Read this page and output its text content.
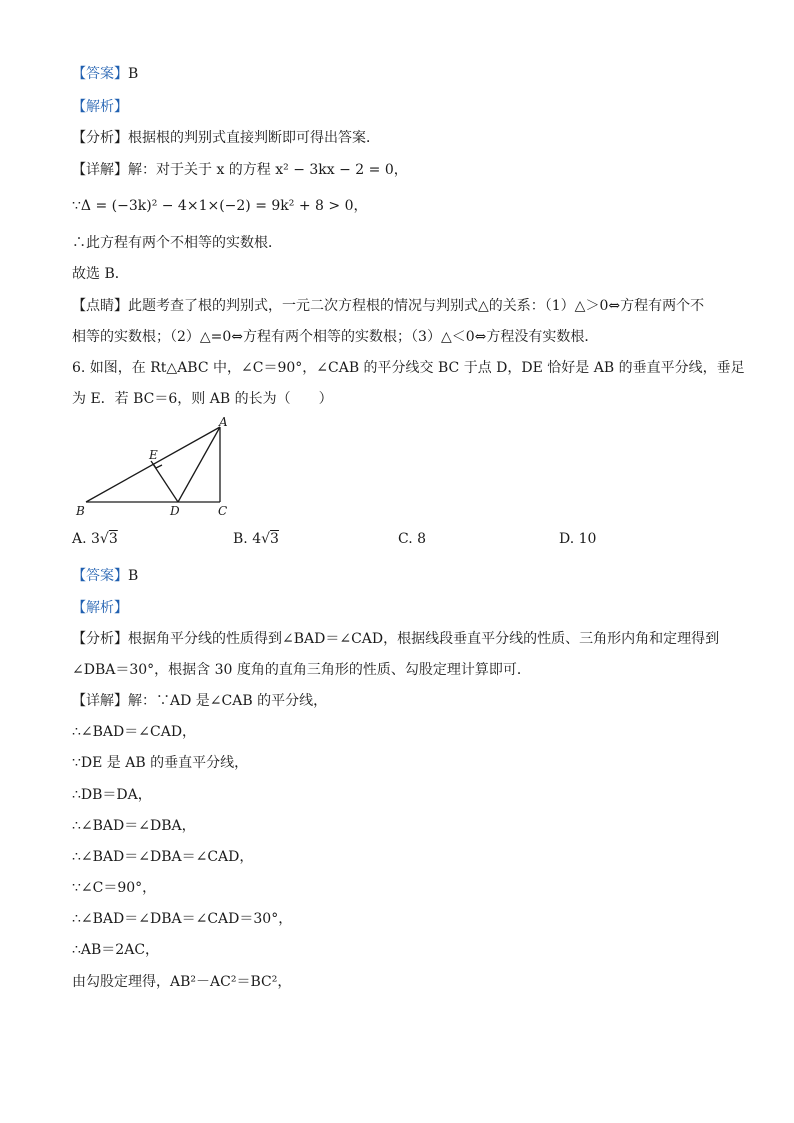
【答案】B
【解析】
【分析】根据根的判别式直接判断即可得出答案．
【详解】解：对于关于 x 的方程 x² − 3kx − 2 = 0，
∵Δ = (−3k)² − 4×1×(−2) = 9k² + 8 > 0，
∴此方程有两个不相等的实数根．
故选 B．
【点睛】此题考查了根的判别式，一元二次方程根的情况与判别式△的关系：（1）△＞0⇔方程有两个不
相等的实数根；（2）△=0⇔方程有两个相等的实数根；（3）△＜0⇔方程没有实数根．
6. 如图，在 Rt△ABC 中，∠C＝90°，∠CAB 的平分线交 BC 于点 D，DE 恰好是 AB 的垂直平分线，垂足
为 E．若 BC＝6，则 AB 的长为（　　）
A
B	C
D
E
A. 3√3	B. 4√3	C. 8	D. 10
【答案】B
【解析】
【分析】根据角平分线的性质得到∠BAD＝∠CAD，根据线段垂直平分线的性质、三角形内角和定理得到
∠DBA＝30°，根据含 30 度角的直角三角形的性质、勾股定理计算即可．
【详解】解：∵AD 是∠CAB 的平分线，
∴∠BAD＝∠CAD，
∵DE 是 AB 的垂直平分线，
∴DB＝DA，
∴∠BAD＝∠DBA，
∴∠BAD＝∠DBA＝∠CAD，
∵∠C＝90°，
∴∠BAD＝∠DBA＝∠CAD＝30°，
∴AB＝2AC，
由勾股定理得，AB²－AC²＝BC²，
